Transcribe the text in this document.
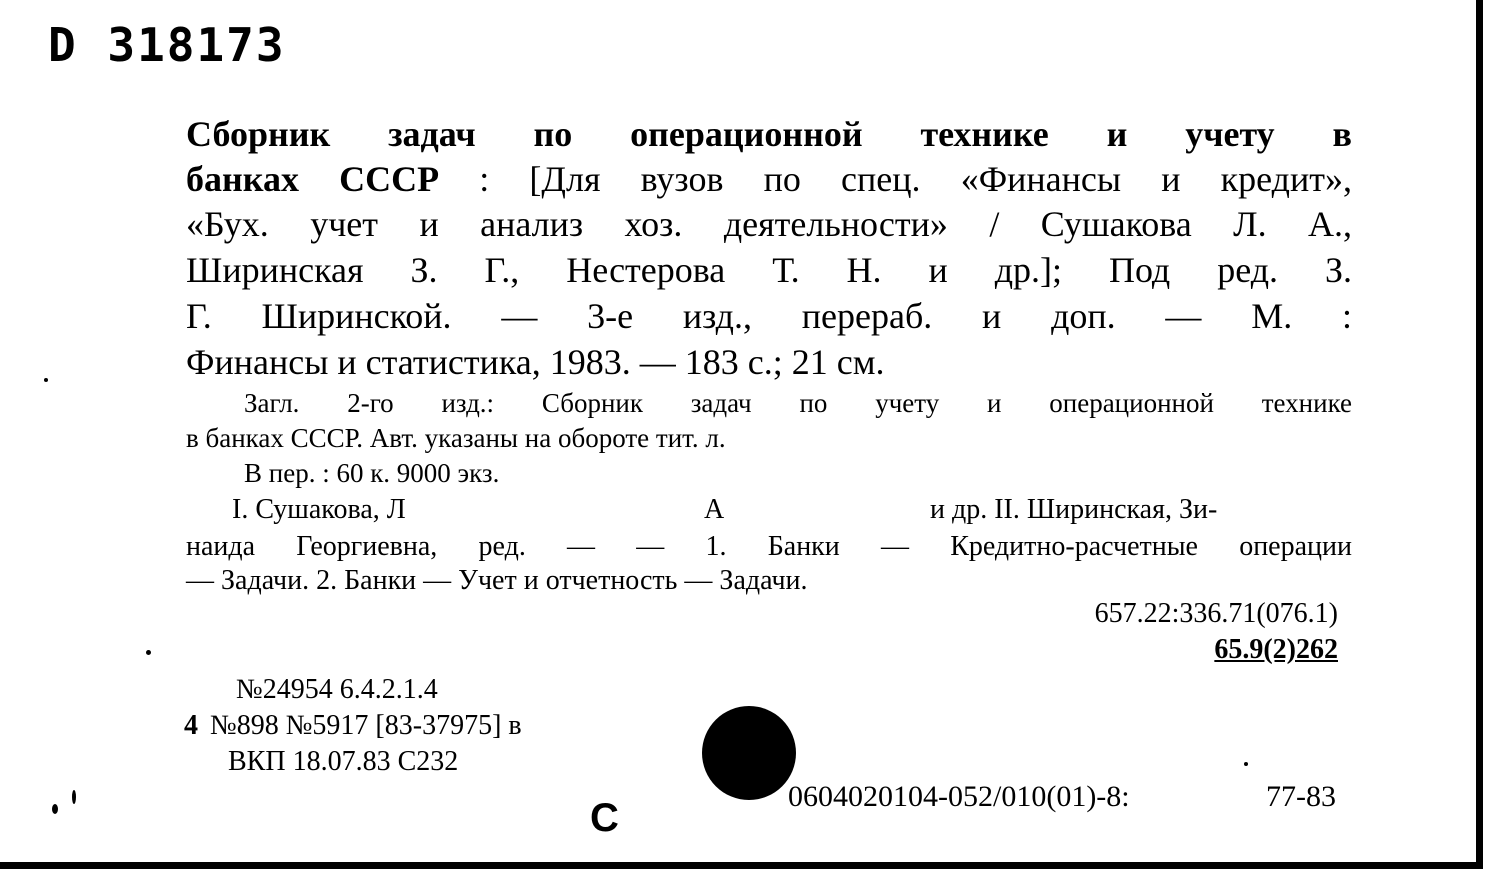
D 318173
Сборник задач по операционной технике и учету в
банках СССР : [Для вузов по спец. «Финансы и кредит»,
«Бух. учет и анализ хоз. деятельности» / Сушакова Л. А.,
Ширинская З. Г., Нестерова Т. Н. и др.]; Под ред. З.
Г. Ширинской. — 3-е изд., перераб. и доп. — М. :
Финансы и статистика, 1983. — 183 с.; 21 см.
Загл. 2-го изд.: Сборник задач по учету и операционной технике
в банках СССР. Авт. указаны на обороте тит. л.
В пер. : 60 к. 9000 экз.
I. Сушакова, Л	А	и др. II. Ширинская, Зи-
наида Георгиевна, ред. — — 1. Банки — Кредитно-расчетные операции
— Задачи. 2. Банки — Учет и отчетность — Задачи.
657.22:336.71(076.1)
65.9(2)262
№24954 6.4.2.1.4
4 №898 №5917 [83-37975] в
ВКП 18.07.83 С232
0604020104-052/010(01)-8:	77-83
С
